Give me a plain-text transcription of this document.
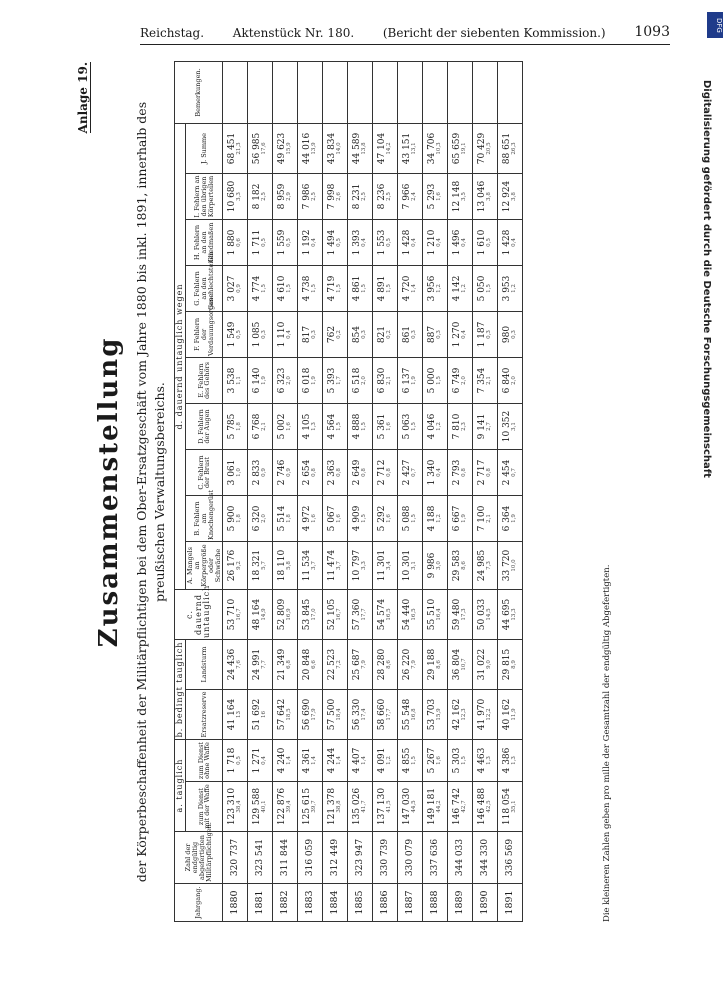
Reichstag. Aktenstück Nr. 180. (Bericht der siebenten Kommission.) 1093	DFG
Digitalisierung gefördert durch die Deutsche Forschungsgemeinschaft
Anlage 19.
Zusammenstellung der Körperbeschaffenheit der Militärpflichtigen bei dem Ober-Ersatzgeschäft vom Jahre 1880 bis inkl. 1891, innerhalb des preußischen Verwaltungsbereichs.
Jahrgang.	Zahl der endgültig abgefertigten Militärpflichtigen.	a. tauglich		b. bedingt tauglich		c. dauernd untauglich	d. dauernd untauglich wegen										Bemerkungen.
		zum Dienst mit der Waffe	zum Dienst ohne Waffe	Ersatzreserve	Landsturm		A. Mangels an Körpergröße oder Schwäche	B. Fehlern am Knochengerüst	C. Fehlern der Brust	D. Fehlern der Augen	E. Fehlern des Gehörs	F. Fehlern der Verdauungsorgane	G. Fehlern an den Geschlechtsteilen	H. Fehlern an den Gliedmaßen	I. Fehlern an den übrigen Körperteilen	J. Summe	
1880	320 737	123 310 38,4	1 718 0,5	41 164 13	24 436 7,6	53 710 16,7	26 176 9,2	5 900 1,8	3 061 1,0	5 785 1,8	3 538 1,1	1 549 0,5	3 027 0,9	1 880 0,6	10 680 3,3	68 451 21,3	

1881	323 541	129 588 40,1	1 271 0,4	51 692 16	24 991 7,7	48 164 14,9	18 321 5,7	6 320 2,0	2 833 0,9	6 768 2,1	6 140 1,9	1 085 0,3	4 774 1,5	1 711 0,5	8 182 2,5	56 985 17,6	

1882	311 844	122 876 39,4	4 240 1,4	57 642 18,5	21 349 6,8	52 809 16,9	18 110 5,8	5 514 1,8	2 746 0,9	5 002 1,6	6 323 2,0	1 110 0,4	4 610 1,5	1 559 0,5	8 959 2,9	49 623 15,9	

1883	316 059	125 615 39,7	4 361 1,4	56 690 17,9	20 848 6,6	53 845 17,0	11 534 3,7	4 972 1,6	2 654 0,8	4 105 1,3	6 018 1,9	817 0,3	4 738 1,5	1 192 0,4	7 986 2,5	44 016 13,9	

1884	312 449	121 378 38,8	4 244 1,4	57 500 18,4	22 523 7,2	52 105 16,7	11 474 3,7	5 067 1,6	2 363 0,8	4 564 1,5	5 393 1,7	762 0,2	4 719 1,5	1 494 0,5	7 998 2,6	43 834 14,0	

1885	323 947	135 026 41,7	4 407 1,4	56 330 17,4	25 687 7,9	57 360 17,7	10 797 3,3	4 909 1,5	2 649 0,8	4 888 1,5	6 518 2,0	854 0,3	4 861 1,5	1 393 0,4	8 231 2,5	44 589 13,8	

1886	330 739	137 130 41,5	4 091 1,2	58 660 17,7	28 280 8,6	54 574 16,5	11 301 3,4	5 292 1,6	2 712 0,8	5 361 1,6	6 830 2,1	821 0,2	4 891 1,5	1 553 0,5	8 236 2,5	47 104 14,2	

1887	330 079	147 030 44,5	4 855 1,5	55 548 16,8	26 220 7,9	54 440 16,5	10 301 3,1	5 088 1,5	2 427 0,7	5 063 1,5	6 137 1,9	861 0,3	4 720 1,4	1 428 0,4	7 966 2,4	43 151 13,1	

1888	337 636	149 181 44,2	5 267 1,6	53 703 15,9	29 188 8,6	55 510 16,4	9 986 3,0	4 188 1,2	1 340 0,4	4 046 1,2	5 000 1,5	887 0,3	3 956 1,2	1 210 0,4	5 293 1,6	34 706 10,3	

1889	344 033	146 742 42,7	5 303 1,5	42 162 12,3	36 804 10,7	59 480 17,3	29 583 8,6	6 667 1,9	2 793 0,8	7 810 2,3	6 749 2,0	1 270 0,4	4 142 1,2	1 496 0,4	12 148 3,5	65 659 19,1	

1890	344 330	146 488 42,5	4 463 1,3	41 970 12,2	31 022 9,0	50 033 14,5	24 985 7,3	7 100 2,1	2 717 0,8	9 141 2,7	7 354 2,1	1 187 0,3	5 050 1,5	1 610 0,5	13 046 3,8	70 429 20,5	

1891	336 569	118 054 35,1	4 386 1,3	40 162 11,9	29 815 8,9	44 695 13,3	33 720 10,0	6 364 1,9	2 454 0,7	10 352 3,1	6 840 2,0	980 0,3	3 953 1,2	1 428 0,4	12 924 3,8	88 651 26,3	

Die kleineren Zahlen geben pro mille der Gesamtzahl der endgültig Abgefertigten.
